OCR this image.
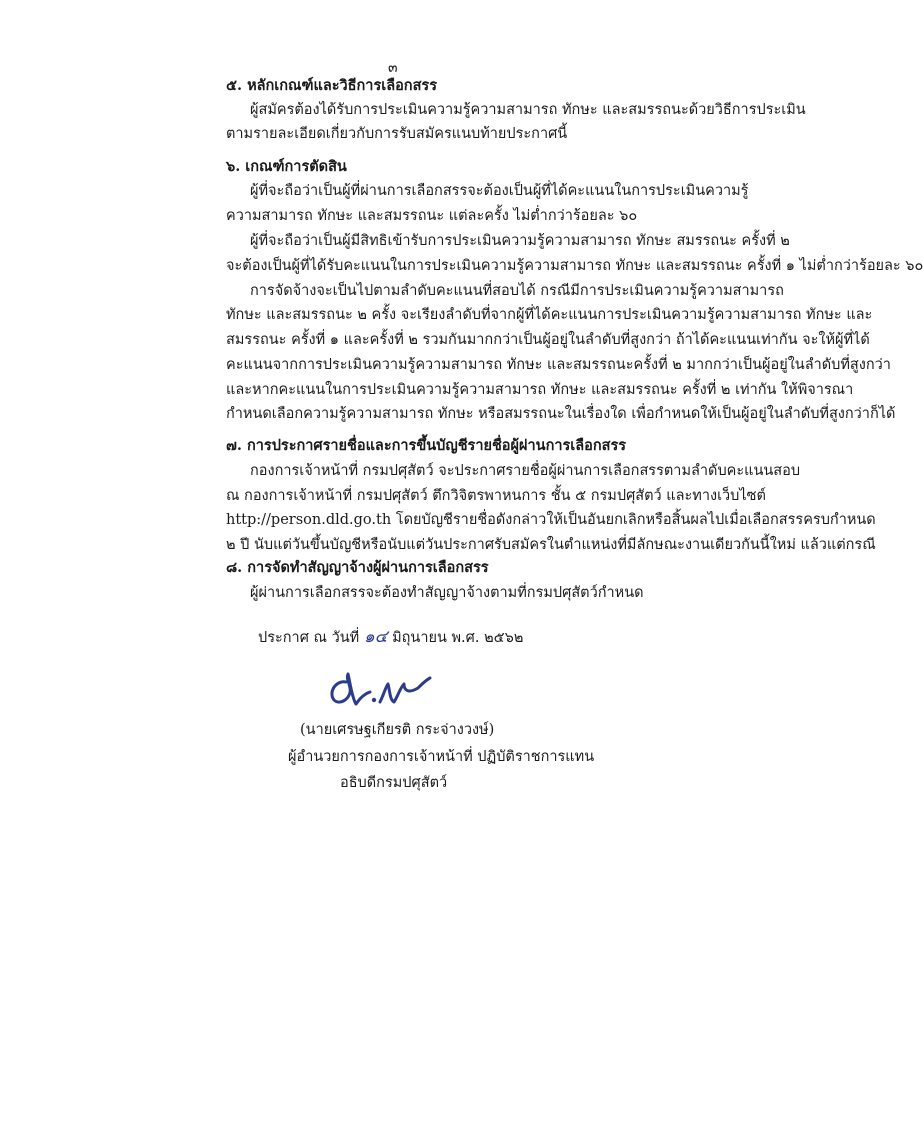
๓
๕. หลักเกณฑ์และวิธีการเลือกสรร
ผู้สมัครต้องได้รับการประเมินความรู้ความสามารถ ทักษะ และสมรรถนะด้วยวิธีการประเมิน
ตามรายละเอียดเกี่ยวกับการรับสมัครแนบท้ายประกาศนี้
๖. เกณฑ์การตัดสิน
ผู้ที่จะถือว่าเป็นผู้ที่ผ่านการเลือกสรรจะต้องเป็นผู้ที่ได้คะแนนในการประเมินความรู้
ความสามารถ ทักษะ และสมรรถนะ แต่ละครั้ง ไม่ต่ำกว่าร้อยละ ๖๐
ผู้ที่จะถือว่าเป็นผู้มีสิทธิเข้ารับการประเมินความรู้ความสามารถ ทักษะ สมรรถนะ ครั้งที่ ๒
จะต้องเป็นผู้ที่ได้รับคะแนนในการประเมินความรู้ความสามารถ ทักษะ และสมรรถนะ ครั้งที่ ๑ ไม่ต่ำกว่าร้อยละ ๖๐
การจัดจ้างจะเป็นไปตามลำดับคะแนนที่สอบได้ กรณีมีการประเมินความรู้ความสามารถ
ทักษะ และสมรรถนะ ๒ ครั้ง จะเรียงลำดับที่จากผู้ที่ได้คะแนนการประเมินความรู้ความสามารถ ทักษะ และ
สมรรถนะ ครั้งที่ ๑ และครั้งที่ ๒ รวมกันมากกว่าเป็นผู้อยู่ในลำดับที่สูงกว่า ถ้าได้คะแนนเท่ากัน จะให้ผู้ที่ได้
คะแนนจากการประเมินความรู้ความสามารถ ทักษะ และสมรรถนะครั้งที่ ๒ มากกว่าเป็นผู้อยู่ในลำดับที่สูงกว่า
และหากคะแนนในการประเมินความรู้ความสามารถ ทักษะ และสมรรถนะ ครั้งที่ ๒ เท่ากัน ให้พิจารณา
กำหนดเลือกความรู้ความสามารถ ทักษะ หรือสมรรถนะในเรื่องใด เพื่อกำหนดให้เป็นผู้อยู่ในลำดับที่สูงกว่าก็ได้
๗. การประกาศรายชื่อและการขึ้นบัญชีรายชื่อผู้ผ่านการเลือกสรร
กองการเจ้าหน้าที่ กรมปศุสัตว์ จะประกาศรายชื่อผู้ผ่านการเลือกสรรตามลำดับคะแนนสอบ
ณ กองการเจ้าหน้าที่ กรมปศุสัตว์ ตึกวิจิตรพาหนการ ชั้น ๕ กรมปศุสัตว์ และทางเว็บไซต์
http://person.dld.go.th โดยบัญชีรายชื่อดังกล่าวให้เป็นอันยกเลิกหรือสิ้นผลไปเมื่อเลือกสรรครบกำหนด
๒ ปี นับแต่วันขึ้นบัญชีหรือนับแต่วันประกาศรับสมัครในตำแหน่งที่มีลักษณะงานเดียวกันนี้ใหม่ แล้วแต่กรณี
๘. การจัดทำสัญญาจ้างผู้ผ่านการเลือกสรร
ผู้ผ่านการเลือกสรรจะต้องทำสัญญาจ้างตามที่กรมปศุสัตว์กำหนด
ประกาศ ณ วันที่ ๑๔ มิถุนายน พ.ศ. ๒๕๖๒
(นายเศรษฐเกียรติ กระจ่างวงษ์)
ผู้อำนวยการกองการเจ้าหน้าที่ ปฏิบัติราชการแทน
อธิบดีกรมปศุสัตว์
